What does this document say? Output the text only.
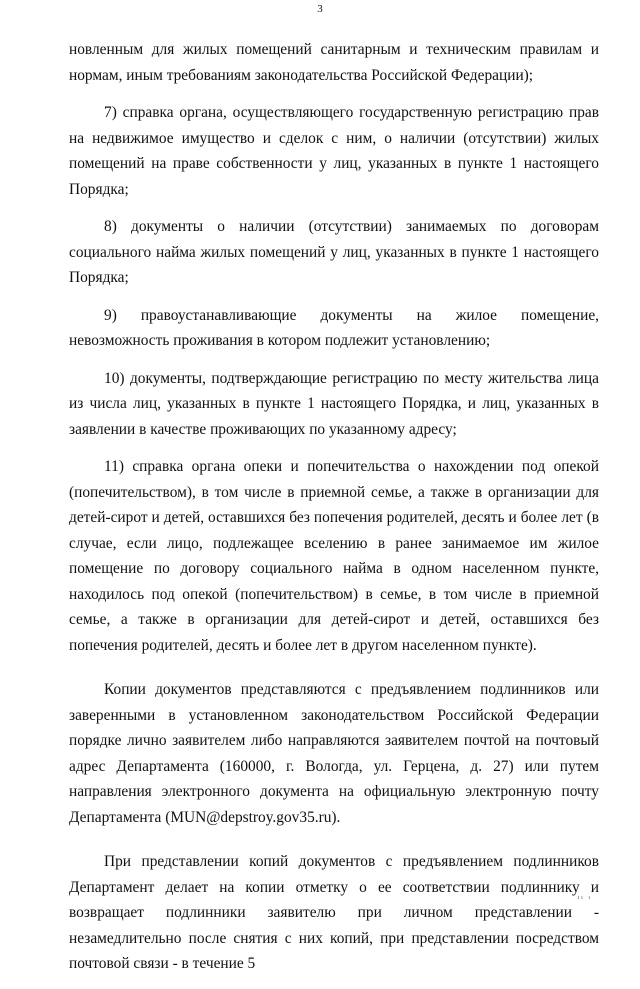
3

новленным для жилых помещений санитарным и техническим правилам и нормам, иным требованиям законодательства Российской Федерации);

7) справка органа, осуществляющего государственную регистрацию прав на недвижимое имущество и сделок с ним, о наличии (отсутствии) жилых помещений на праве собственности у лиц, указанных в пункте 1 настоящего Порядка;

8) документы о наличии (отсутствии) занимаемых по договорам социального найма жилых помещений у лиц, указанных в пункте 1 настоящего Порядка;

9) правоустанавливающие документы на жилое помещение, невозможность проживания в котором подлежит установлению;

10) документы, подтверждающие регистрацию по месту жительства лица из числа лиц, указанных в пункте 1 настоящего Порядка, и лиц, указанных в заявлении в качестве проживающих по указанному адресу;

11) справка органа опеки и попечительства о нахождении под опекой (попечительством), в том числе в приемной семье, а также в организации для детей-сирот и детей, оставшихся без попечения родителей, десять и более лет (в случае, если лицо, подлежащее вселению в ранее занимаемое им жилое помещение по договору социального найма в одном населенном пункте, находилось под опекой (попечительством) в семье, в том числе в приемной семье, а также в организации для детей-сирот и детей, оставшихся без попечения родителей, десять и более лет в другом населенном пункте).

Копии документов представляются с предъявлением подлинников или заверенными в установленном законодательством Российской Федерации порядке лично заявителем либо направляются заявителем почтой на почтовый адрес Департамента (160000, г. Вологда, ул. Герцена, д. 27) или путем направления электронного документа на официальную электронную почту Департамента (MUN@depstroy.gov35.ru).

При представлении копий документов с предъявлением подлинников Департамент делает на копии отметку о ее соответствии подлиннику и возвращает подлинники заявителю при личном представлении - незамедлительно после снятия с них копий, при представлении посредством почтовой связи - в течение 5

ıı ı
